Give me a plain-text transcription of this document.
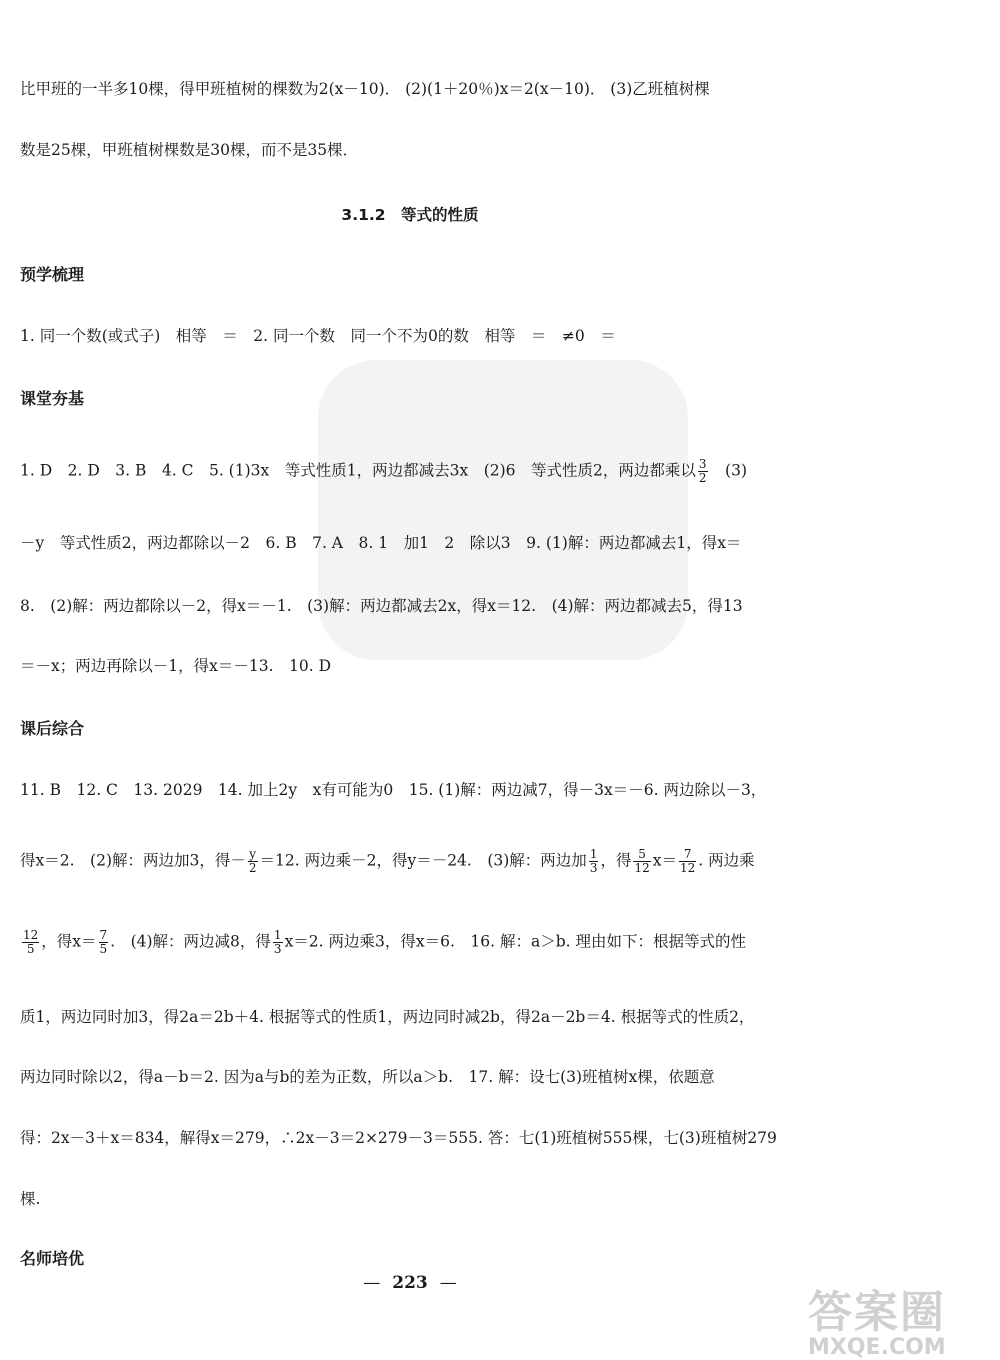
比甲班的一半多10棵，得甲班植树的棵数为2(x－10)． (2)(1＋20％)x＝2(x－10)． (3)乙班植树棵
数是25棵，甲班植树棵数是30棵，而不是35棵．
3.1.2　等式的性质
预学梳理
1. 同一个数(或式子)　相等　＝　2. 同一个数　同一个不为0的数　相等　＝　≠0　＝
课堂夯基
1. D　2. D　3. B　4. C　5. (1)3x　等式性质1，两边都减去3x　(2)6　等式性质2，两边都乘以 $\frac{3}{2}$
　 (3)
－y　等式性质2，两边都除以－2　6. B　7. A　8. 1　加1　2　除以3　9. (1)解：两边都减去1，得x＝
8.　(2)解：两边都除以－2，得x＝－1.　(3)解：两边都减去2x，得x＝12.　(4)解：两边都减去5，得13
＝－x；两边再除以－1，得x＝－13.　10. D
课后综合
11. B　12. C　13. 2029　14. 加上2y　x有可能为0　15. (1)解：两边减7，得－3x＝－6. 两边除以－3，
得x＝2.　(2)解：两边加3，得－ $\frac{y}{2} =12$. 两边乘－2，得y＝－24.　(3)解：两边加 $\frac{1}{3}$ ，得 $\frac{5}{12} x= \frac{7}{12}$ . 两边乘
$\frac{12}{5}$ ，得$x= \frac{7}{5}$ .　(4)解：两边减8，得 $\frac{1}{3} x=2$. 两边乘3，得x＝6.　16. 解：a＞b. 理由如下：根据等式的性
质1，两边同时加3，得2a＝2b＋4. 根据等式的性质1，两边同时减2b，得2a－2b＝4. 根据等式的性质2，
两边同时除以2，得a－b＝2. 因为a与b的差为正数，所以a＞b.　17. 解：设七(3)班植树x棵，依题意
得：2x－3＋x＝834，解得x＝279，∴2x－3＝2×279－3＝555. 答：七(1)班植树555棵，七(3)班植树279
棵.
名师培优
— 223 —
答案圈
MXQE.COM
